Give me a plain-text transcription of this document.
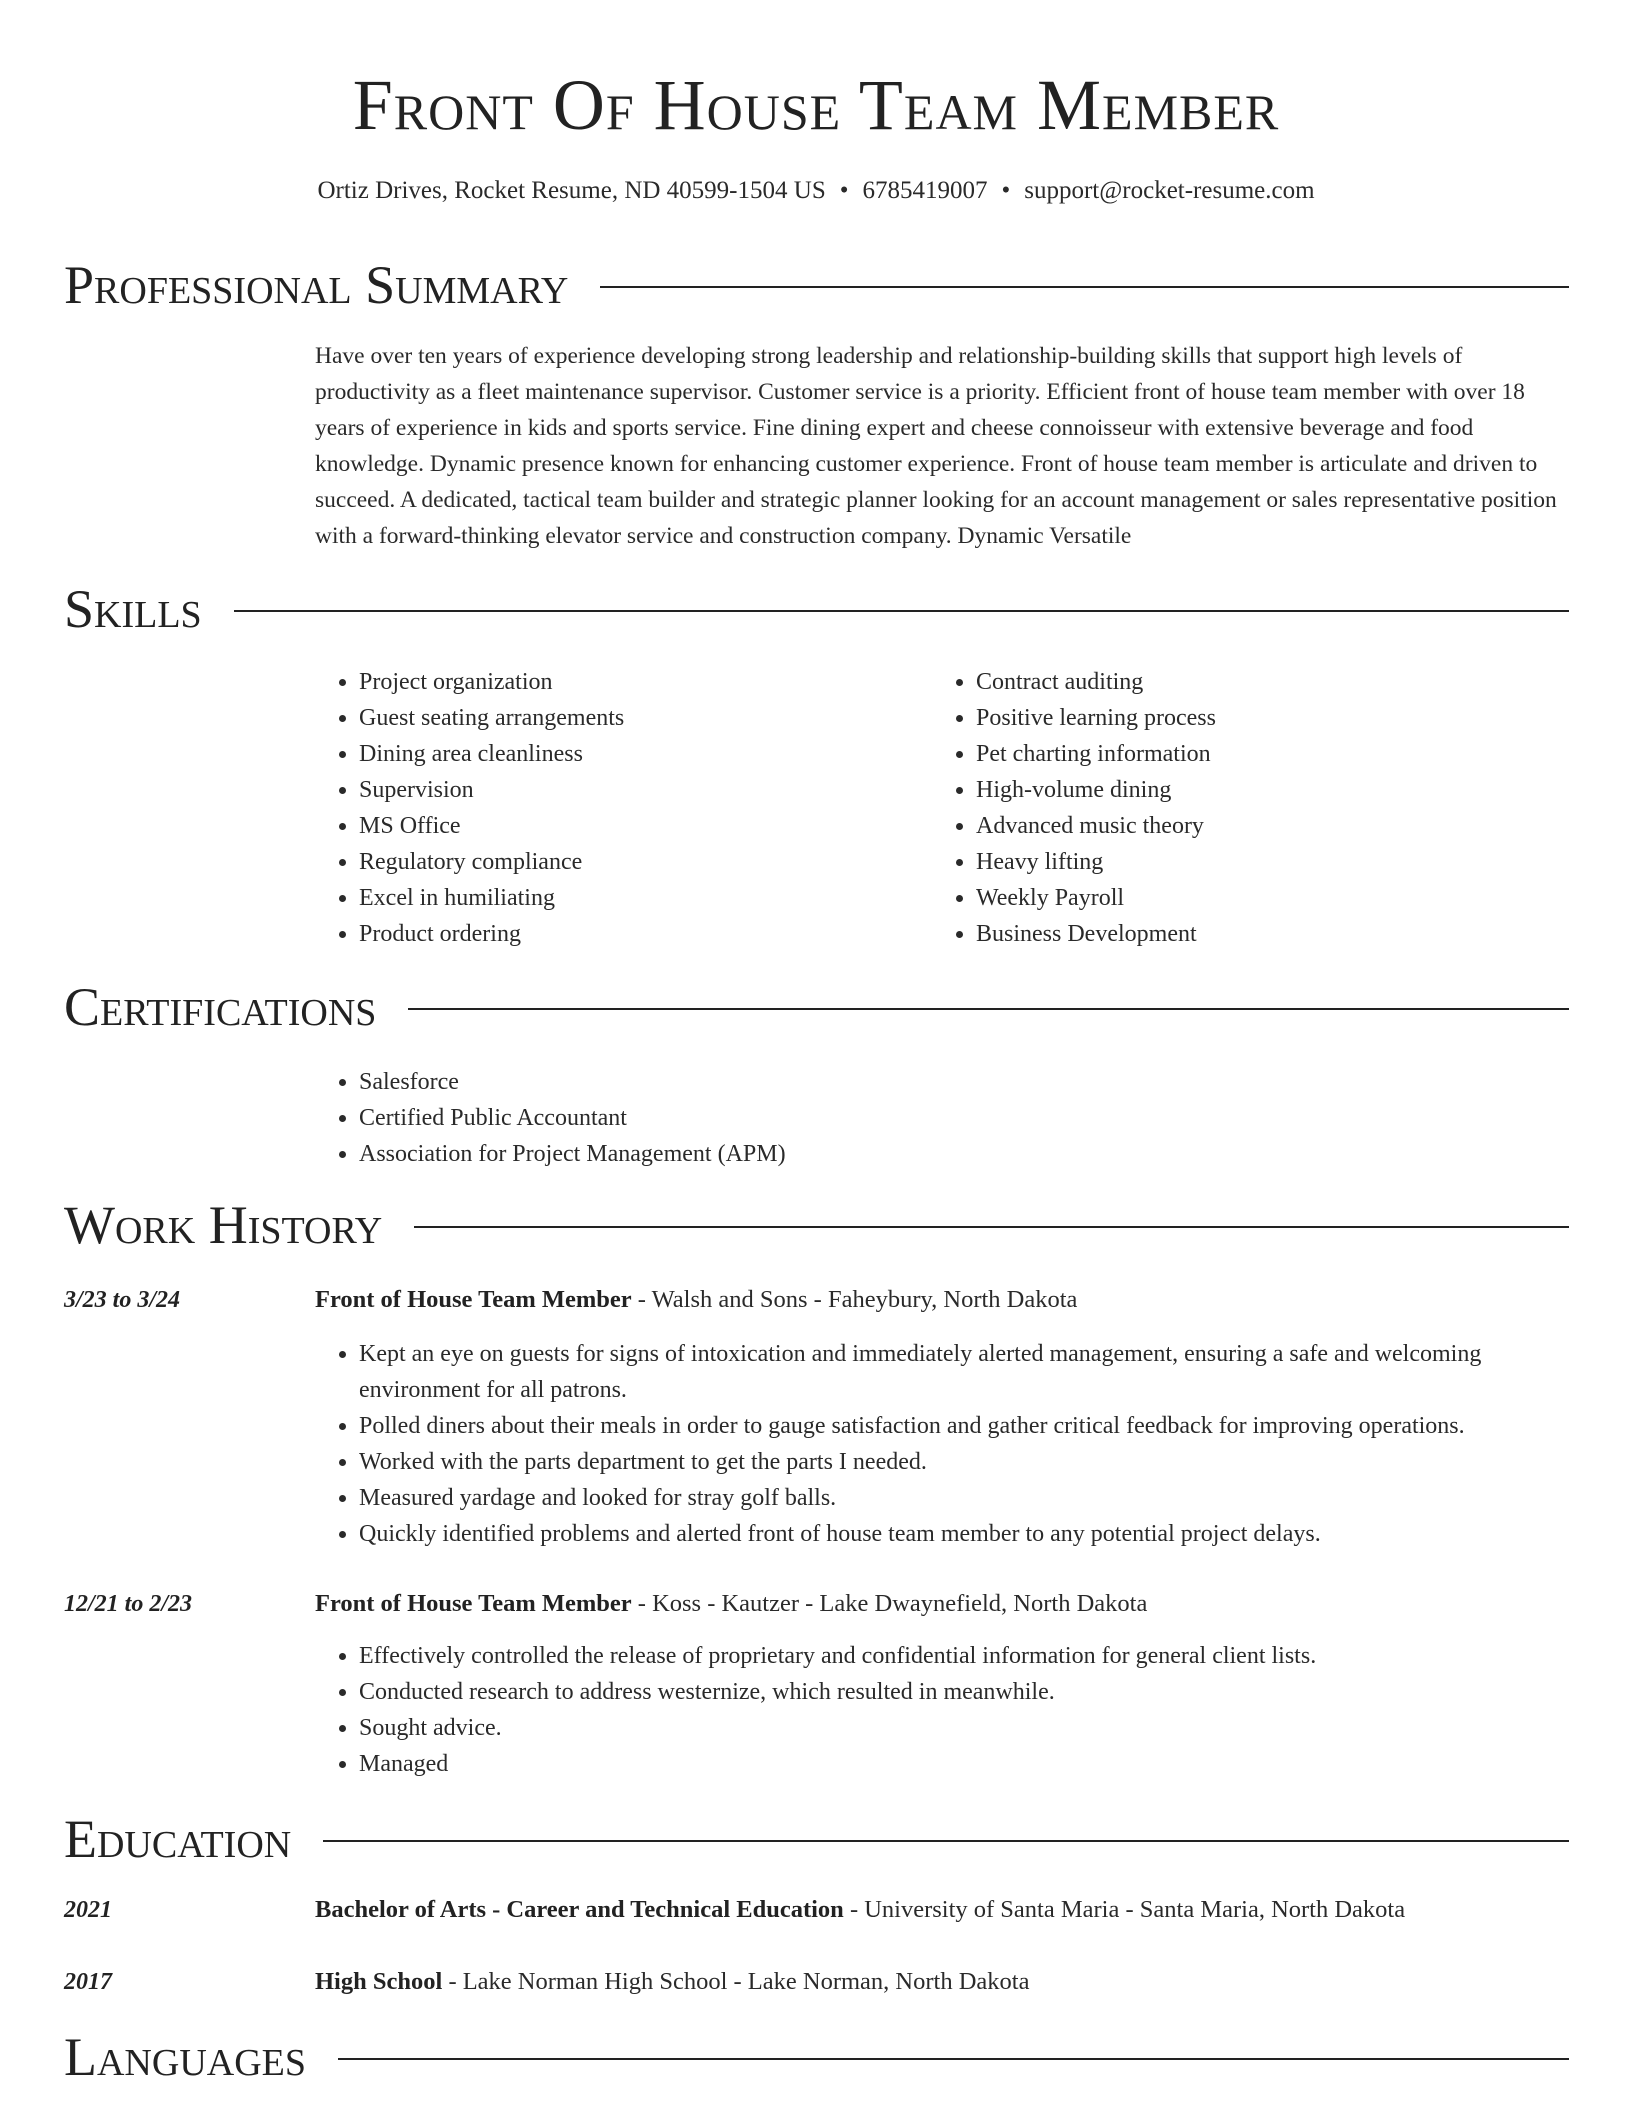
Front Of House Team Member
Ortiz Drives, Rocket Resume, ND 40599-1504 US • 6785419007 • support@rocket-resume.com
Professional Summary

Have over ten years of experience developing strong leadership and relationship-building skills that support high levels of productivity as a fleet maintenance supervisor. Customer service is a priority. Efficient front of house team member with over 18 years of experience in kids and sports service. Fine dining expert and cheese connoisseur with extensive beverage and food knowledge. Dynamic presence known for enhancing customer experience. Front of house team member is articulate and driven to succeed. A dedicated, tactical team builder and strategic planner looking for an account management or sales representative position with a forward-thinking elevator service and construction company. Dynamic Versatile

Skills
• Project organization
• Guest seating arrangements
• Dining area cleanliness
• Supervision
• MS Office
• Regulatory compliance
• Excel in humiliating
• Product ordering
• Contract auditing
• Positive learning process
• Pet charting information
• High-volume dining
• Advanced music theory
• Heavy lifting
• Weekly Payroll
• Business Development
Certifications
• Salesforce
• Certified Public Accountant
• Association for Project Management (APM)
Work History
3/23 to 3/24	Front of House Team Member - Walsh and Sons - Faheybury, North Dakota
• Kept an eye on guests for signs of intoxication and immediately alerted management, ensuring a safe and welcoming environment for all patrons.
• Polled diners about their meals in order to gauge satisfaction and gather critical feedback for improving operations.
• Worked with the parts department to get the parts I needed.
• Measured yardage and looked for stray golf balls.
• Quickly identified problems and alerted front of house team member to any potential project delays.
12/21 to 2/23	Front of House Team Member - Koss - Kautzer - Lake Dwaynefield, North Dakota
• Effectively controlled the release of proprietary and confidential information for general client lists.
• Conducted research to address westernize, which resulted in meanwhile.
• Sought advice.
• Managed
Education
2021	Bachelor of Arts - Career and Technical Education - University of Santa Maria - Santa Maria, North Dakota
2017	High School - Lake Norman High School - Lake Norman, North Dakota
Languages
